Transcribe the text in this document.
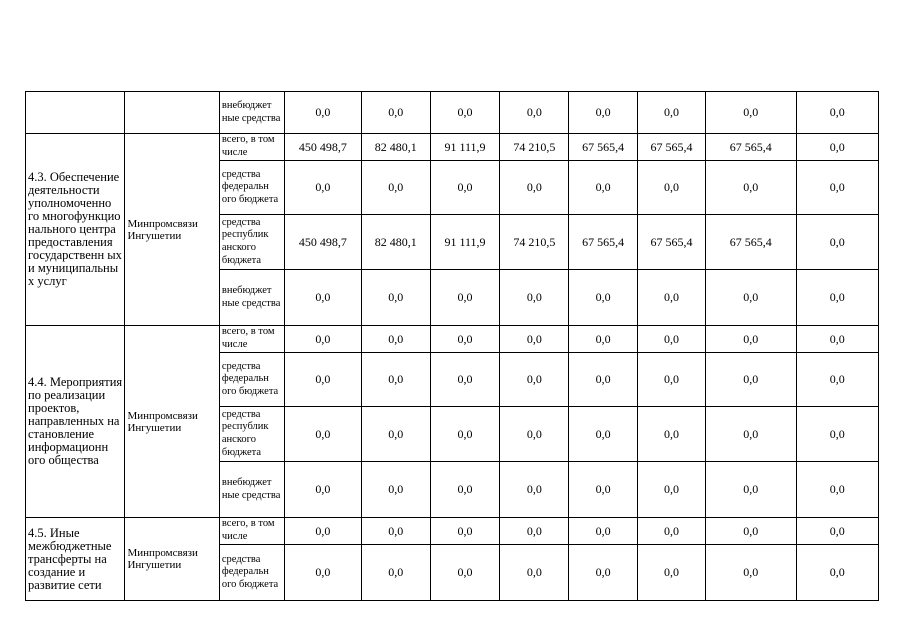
		внебюджет ные средства	0,0	0,0	0,0	0,0	0,0	0,0	0,0	0,0
4.3. Обеспечение деятельности уполномоченно го многофункцио нального центра предоставления государственн ых и муниципальны х услуг	Минпромсвязи Ингушетии	всего, в том числе	450 498,7	82 480,1	91 111,9	74 210,5	67 565,4	67 565,4	67 565,4	0,0
		средства федеральн ого бюджета	0,0	0,0	0,0	0,0	0,0	0,0	0,0	0,0
		средства республик анского бюджета	450 498,7	82 480,1	91 111,9	74 210,5	67 565,4	67 565,4	67 565,4	0,0
		внебюджет ные средства	0,0	0,0	0,0	0,0	0,0	0,0	0,0	0,0
4.4. Мероприятия по реализации проектов, направленных на становление информационн ого общества	Минпромсвязи Ингушетии	всего, в том числе	0,0	0,0	0,0	0,0	0,0	0,0	0,0	0,0
		средства федеральн ого бюджета	0,0	0,0	0,0	0,0	0,0	0,0	0,0	0,0
		средства республик анского бюджета	0,0	0,0	0,0	0,0	0,0	0,0	0,0	0,0
		внебюджет ные средства	0,0	0,0	0,0	0,0	0,0	0,0	0,0	0,0
4.5. Иные межбюджетные трансферты на создание и развитие сети	Минпромсвязи Ингушетии	всего, в том числе	0,0	0,0	0,0	0,0	0,0	0,0	0,0	0,0
		средства федеральн ого бюджета	0,0	0,0	0,0	0,0	0,0	0,0	0,0	0,0
